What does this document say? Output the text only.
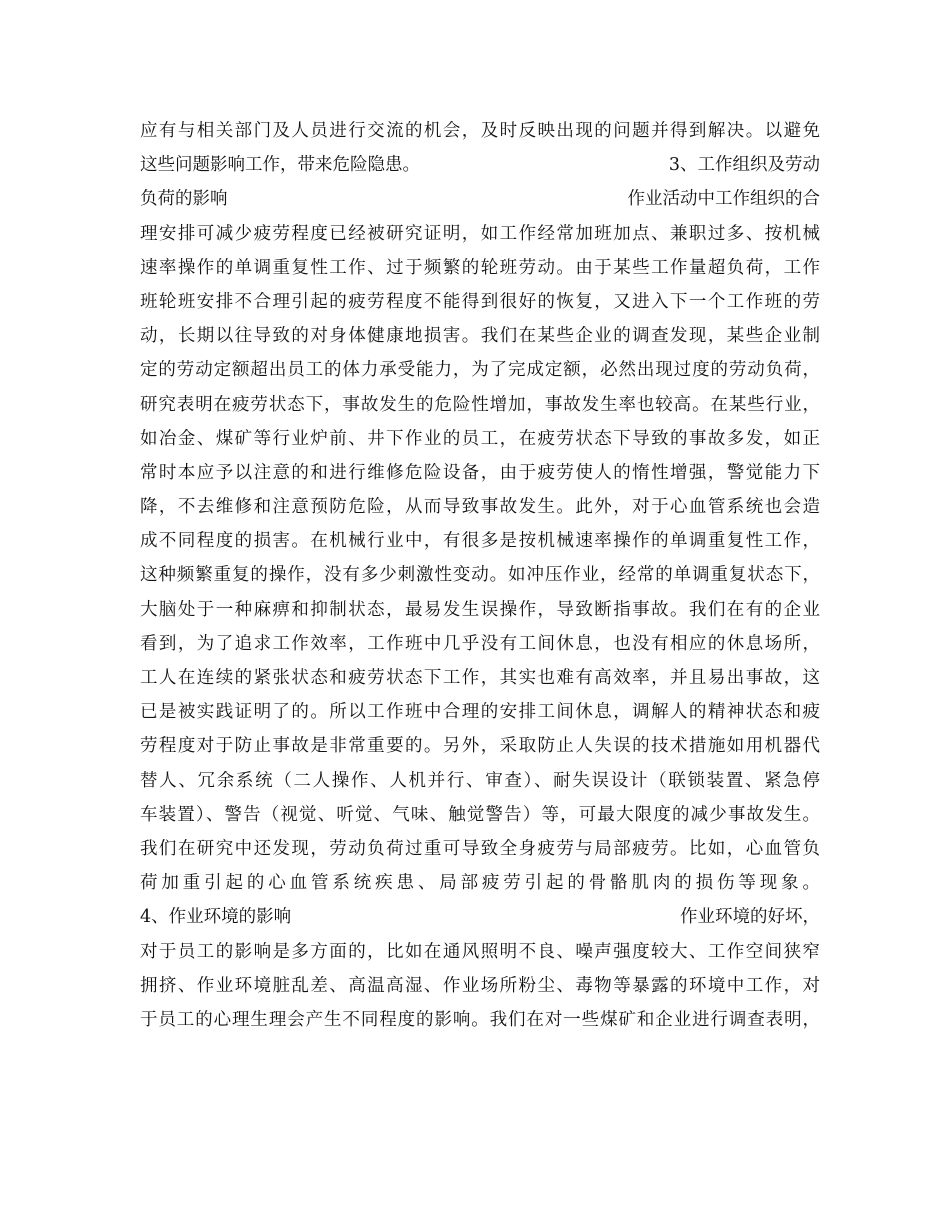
应有与相关部门及人员进行交流的机会，及时反映出现的问题并得到解决。以避免
这些问题影响工作，带来危险隐患。	3、工作组织及劳动
负荷的影响	作业活动中工作组织的合
理安排可减少疲劳程度已经被研究证明，如工作经常加班加点、兼职过多、按机械
速率操作的单调重复性工作、过于频繁的轮班劳动。由于某些工作量超负荷，工作
班轮班安排不合理引起的疲劳程度不能得到很好的恢复，又进入下一个工作班的劳
动，长期以往导致的对身体健康地损害。我们在某些企业的调查发现，某些企业制
定的劳动定额超出员工的体力承受能力，为了完成定额，必然出现过度的劳动负荷，
研究表明在疲劳状态下，事故发生的危险性增加，事故发生率也较高。在某些行业，
如冶金、煤矿等行业炉前、井下作业的员工，在疲劳状态下导致的事故多发，如正
常时本应予以注意的和进行维修危险设备，由于疲劳使人的惰性增强，警觉能力下
降，不去维修和注意预防危险，从而导致事故发生。此外，对于心血管系统也会造
成不同程度的损害。在机械行业中，有很多是按机械速率操作的单调重复性工作，
这种频繁重复的操作，没有多少刺激性变动。如冲压作业，经常的单调重复状态下，
大脑处于一种麻痹和抑制状态，最易发生误操作，导致断指事故。我们在有的企业
看到，为了追求工作效率，工作班中几乎没有工间休息，也没有相应的休息场所，
工人在连续的紧张状态和疲劳状态下工作，其实也难有高效率，并且易出事故，这
已是被实践证明了的。所以工作班中合理的安排工间休息，调解人的精神状态和疲
劳程度对于防止事故是非常重要的。另外，采取防止人失误的技术措施如用机器代
替人、冗余系统（二人操作、人机并行、审查）、耐失误设计（联锁装置、紧急停
车装置）、警告（视觉、听觉、气味、触觉警告）等，可最大限度的减少事故发生。
我们在研究中还发现，劳动负荷过重可导致全身疲劳与局部疲劳。比如，心血管负
荷加重引起的心血管系统疾患、局部疲劳引起的骨骼肌肉的损伤等现象。
4、作业环境的影响	作业环境的好坏，
对于员工的影响是多方面的，比如在通风照明不良、噪声强度较大、工作空间狭窄
拥挤、作业环境脏乱差、高温高湿、作业场所粉尘、毒物等暴露的环境中工作，对
于员工的心理生理会产生不同程度的影响。我们在对一些煤矿和企业进行调查表明，
